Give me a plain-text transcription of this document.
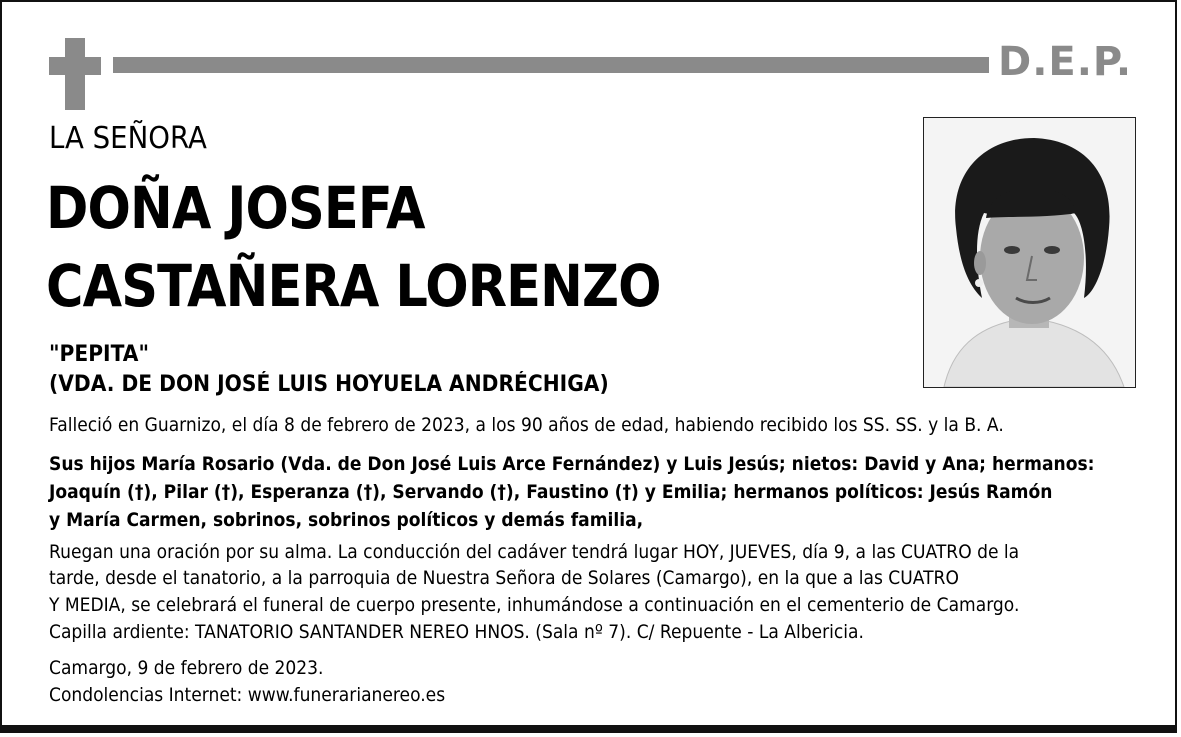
D.E.P.
LA SEÑORA
DOÑA JOSEFA
CASTAÑERA LORENZO
"PEPITA"
(VDA. DE DON JOSÉ LUIS HOYUELA ANDRÉCHIGA)
Falleció en Guarnizo, el día 8 de febrero de 2023, a los 90 años de edad, habiendo recibido los SS. SS. y la B. A.
Sus hijos María Rosario (Vda. de Don José Luis Arce Fernández) y Luis Jesús; nietos: David y Ana; hermanos:
Joaquín (†), Pilar (†), Esperanza (†), Servando (†), Faustino (†) y Emilia; hermanos políticos: Jesús Ramón
y María Carmen, sobrinos, sobrinos políticos y demás familia,
Ruegan una oración por su alma. La conducción del cadáver tendrá lugar HOY, JUEVES, día 9, a las CUATRO de la
tarde, desde el tanatorio, a la parroquia de Nuestra Señora de Solares (Camargo), en la que a las CUATRO
Y MEDIA, se celebrará el funeral de cuerpo presente, inhumándose a continuación en el cementerio de Camargo.
Capilla ardiente: TANATORIO SANTANDER NEREO HNOS. (Sala nº 7). C/ Repuente - La Albericia.
Camargo, 9 de febrero de 2023.
Condolencias Internet: www.funerarianereo.es
